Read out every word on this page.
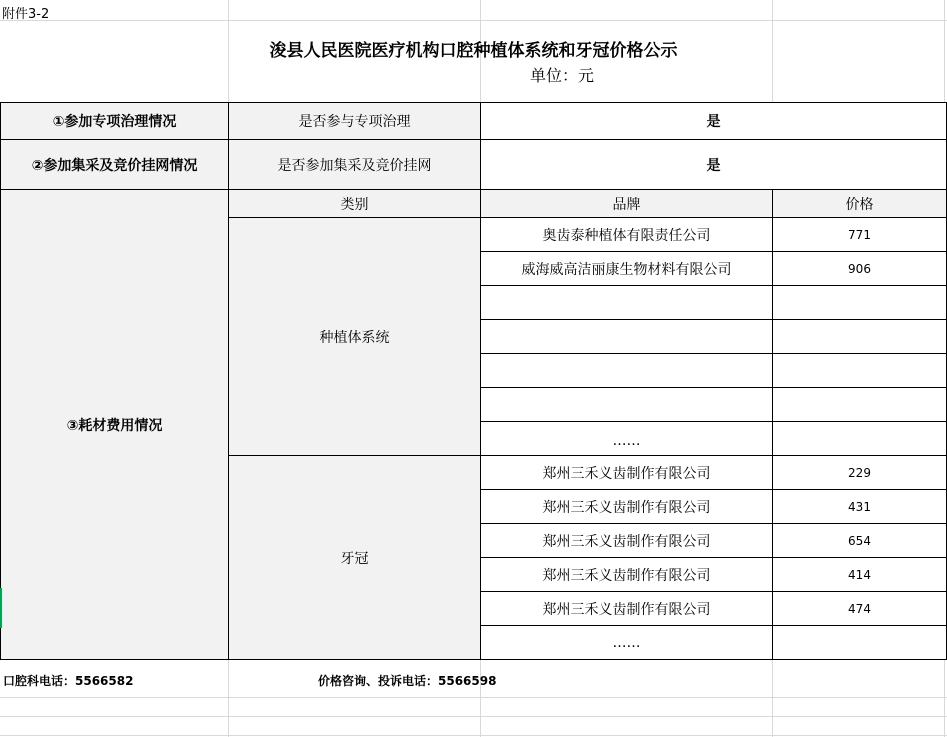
附件3-2
浚县人民医院医疗机构口腔种植体系统和牙冠价格公示
单位：元
①参加专项治理情况	是否参与专项治理	是
②参加集采及竞价挂网情况	是否参加集采及竞价挂网	是
③耗材费用情况
类别	品牌	价格
种植体系统
奥齿泰种植体有限责任公司	771
威海威高洁丽康生物材料有限公司	906
……
牙冠
郑州三禾义齿制作有限公司	229
郑州三禾义齿制作有限公司	431
郑州三禾义齿制作有限公司	654
郑州三禾义齿制作有限公司	414
郑州三禾义齿制作有限公司	474
……
口腔科电话：5566582	价格咨询、投诉电话：5566598
